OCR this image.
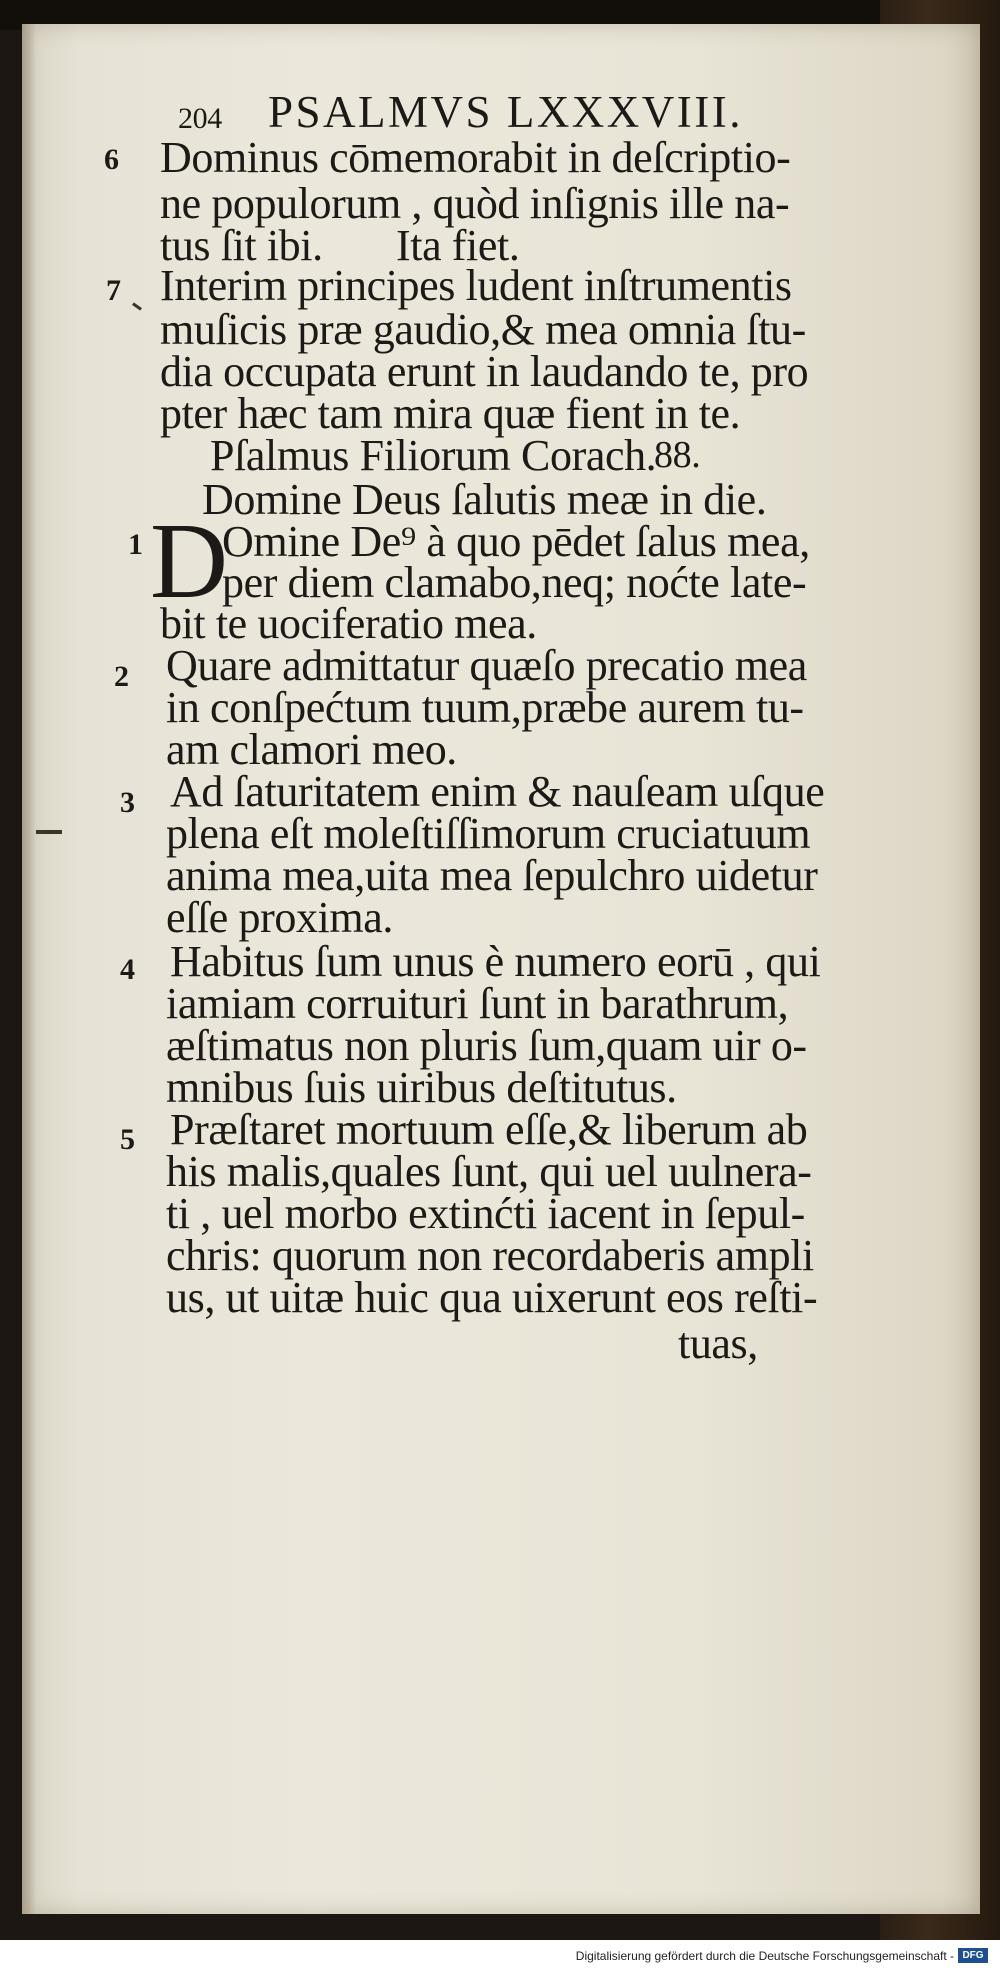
204 PSALMVS LXXXVIII.
6 Dominus cōmemorabit in deſcriptio-
ne populorum , quòd inſignis ille na-
tus ſit ibi. Ita fiet.
7 Interim principes ludent inſtrumentis
muſicis præ gaudio,& mea omnia ſtu-
dia occupata erunt in laudando te, pro
pter hæc tam mira quæ fient in te.
Pſalmus Filiorum Corach.
88.
Domine Deus ſalutis meæ in die.
1 D
Omine De⁹ à quo pēdet ſalus mea,
per diem clamabo,neq; noćte late-
bit te uociferatio mea.
2 Quare admittatur quæſo precatio mea
in conſpećtum tuum,præbe aurem tu-
am clamori meo.
3 Ad ſaturitatem enim & nauſeam uſque
plena eſt moleſtiſſimorum cruciatuum
anima mea,uita mea ſepulchro uidetur
eſſe proxima.
4 Habitus ſum unus è numero eorū , qui
iamiam corruituri ſunt in barathrum,
æſtimatus non pluris ſum,quam uir o-
mnibus ſuis uiribus deſtitutus.
5 Præſtaret mortuum eſſe,& liberum ab
his malis,quales ſunt, qui uel uulnera-
ti , uel morbo extinćti iacent in ſepul-
chris: quorum non recordaberis ampli
us, ut uitæ huic qua uixerunt eos reſti-
tuas,
Digitalisierung gefördert durch die Deutsche Forschungsgemeinschaft - DFG
